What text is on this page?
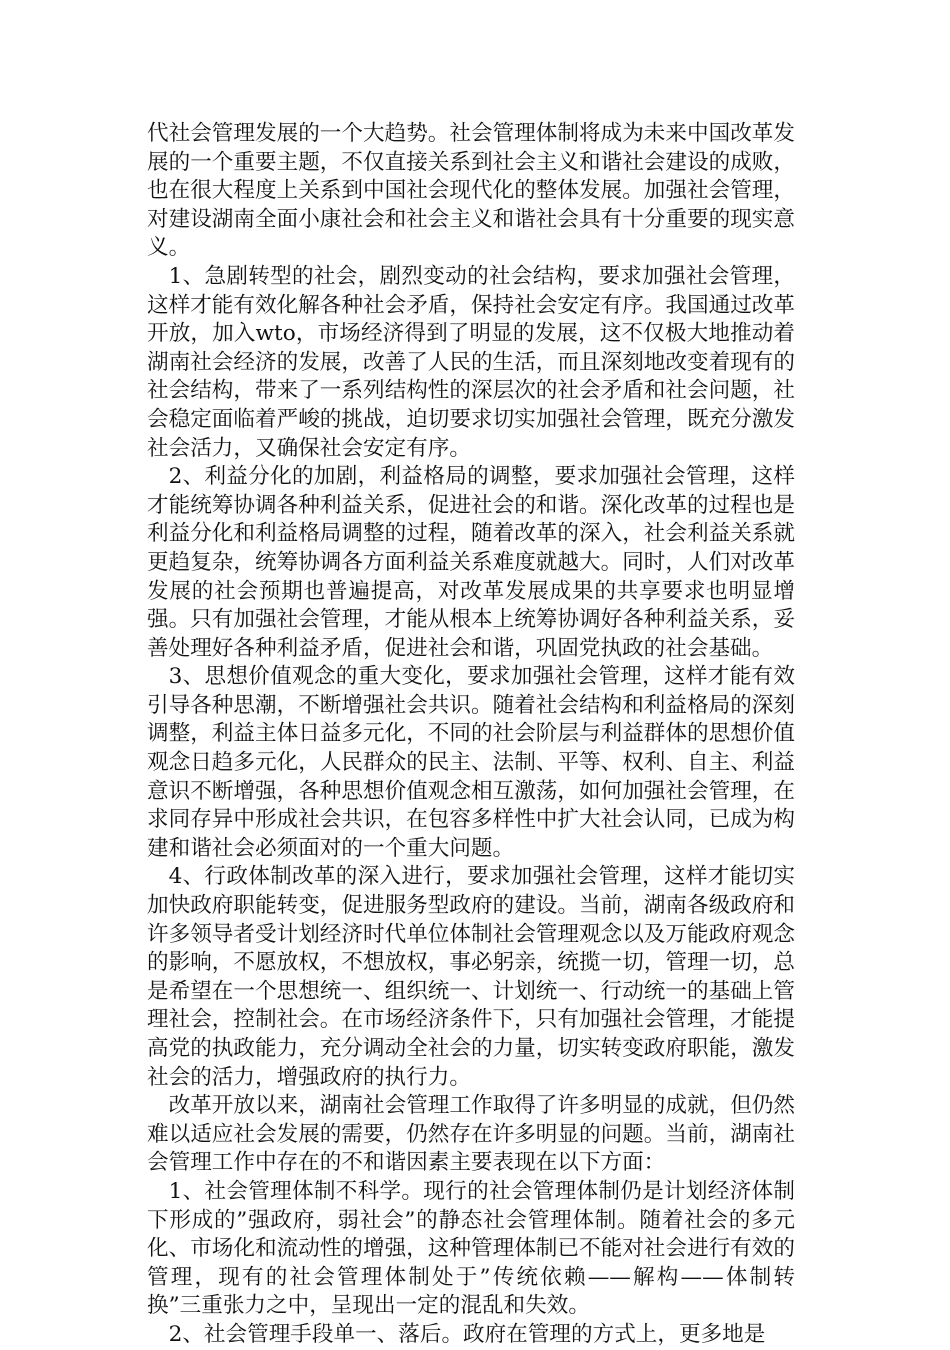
代社会管理发展的一个大趋势。社会管理体制将成为未来中国改革发展的一个重要主题，不仅直接关系到社会主义和谐社会建设的成败，也在很大程度上关系到中国社会现代化的整体发展。加强社会管理，对建设湖南全面小康社会和社会主义和谐社会具有十分重要的现实意义。

1、急剧转型的社会，剧烈变动的社会结构，要求加强社会管理，这样才能有效化解各种社会矛盾，保持社会安定有序。我国通过改革开放，加入wto，市场经济得到了明显的发展，这不仅极大地推动着湖南社会经济的发展，改善了人民的生活，而且深刻地改变着现有的社会结构，带来了一系列结构性的深层次的社会矛盾和社会问题，社会稳定面临着严峻的挑战，迫切要求切实加强社会管理，既充分激发社会活力，又确保社会安定有序。

2、利益分化的加剧，利益格局的调整，要求加强社会管理，这样才能统筹协调各种利益关系，促进社会的和谐。深化改革的过程也是利益分化和利益格局调整的过程，随着改革的深入，社会利益关系就更趋复杂，统筹协调各方面利益关系难度就越大。同时，人们对改革发展的社会预期也普遍提高，对改革发展成果的共享要求也明显增强。只有加强社会管理，才能从根本上统筹协调好各种利益关系，妥善处理好各种利益矛盾，促进社会和谐，巩固党执政的社会基础。

3、思想价值观念的重大变化，要求加强社会管理，这样才能有效引导各种思潮，不断增强社会共识。随着社会结构和利益格局的深刻调整，利益主体日益多元化，不同的社会阶层与利益群体的思想价值观念日趋多元化，人民群众的民主、法制、平等、权利、自主、利益意识不断增强，各种思想价值观念相互激荡，如何加强社会管理，在求同存异中形成社会共识，在包容多样性中扩大社会认同，已成为构建和谐社会必须面对的一个重大问题。

4、行政体制改革的深入进行，要求加强社会管理，这样才能切实加快政府职能转变，促进服务型政府的建设。当前，湖南各级政府和许多领导者受计划经济时代单位体制社会管理观念以及万能政府观念的影响，不愿放权，不想放权，事必躬亲，统揽一切，管理一切，总是希望在一个思想统一、组织统一、计划统一、行动统一的基础上管理社会，控制社会。在市场经济条件下，只有加强社会管理，才能提高党的执政能力，充分调动全社会的力量，切实转变政府职能，激发社会的活力，增强政府的执行力。

改革开放以来，湖南社会管理工作取得了许多明显的成就，但仍然难以适应社会发展的需要，仍然存在许多明显的问题。当前，湖南社会管理工作中存在的不和谐因素主要表现在以下方面：

1、社会管理体制不科学。现行的社会管理体制仍是计划经济体制下形成的”强政府，弱社会”的静态社会管理体制。随着社会的多元化、市场化和流动性的增强，这种管理体制已不能对社会进行有效的管理，现有的社会管理体制处于”传统依赖——解构——体制转换”三重张力之中，呈现出一定的混乱和失效。

2、社会管理手段单一、落后。政府在管理的方式上，更多地是
